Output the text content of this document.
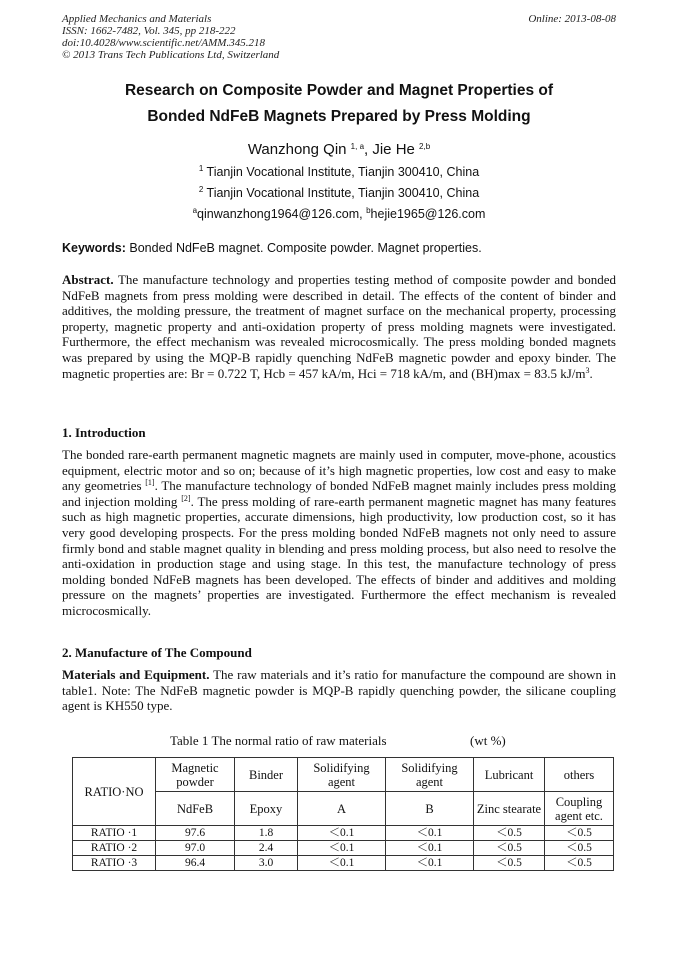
Applied Mechanics and Materials
ISSN: 1662-7482, Vol. 345, pp 218-222
doi:10.4028/www.scientific.net/AMM.345.218
© 2013 Trans Tech Publications Ltd, Switzerland
Online: 2013-08-08
Research on Composite Powder and Magnet Properties of
Bonded NdFeB Magnets Prepared by Press Molding
Wanzhong Qin $^{1, a}$, Jie He $^{2,b}$
$^1$ Tianjin Vocational Institute, Tianjin 300410, China
$^2$ Tianjin Vocational Institute, Tianjin 300410, China
$^a$qinwanzhong1964@126.com, $^b$hejie1965@126.com
Keywords: Bonded NdFeB magnet. Composite powder. Magnet properties.
Abstract. The manufacture technology and properties testing method of composite powder and bonded NdFeB magnets from press molding were described in detail. The effects of the content of binder and additives, the molding pressure, the treatment of magnet surface on the mechanical property, processing property, magnetic property and anti-oxidation property of press molding magnets were investigated. Furthermore, the effect mechanism was revealed microcosmically. The press molding bonded magnets was prepared by using the MQP-B rapidly quenching NdFeB magnetic powder and epoxy binder. The magnetic properties are: Br = 0.722 T, Hcb = 457 kA/m, Hci = 718 kA/m, and (BH)max = 83.5 $kJ/m^3$.
1. Introduction
The bonded rare-earth permanent magnetic magnets are mainly used in computer, move-phone, acoustics equipment, electric motor and so on; because of it’s high magnetic properties, low cost and easy to make any geometries [1]. The manufacture technology of bonded NdFeB magnet mainly includes press molding and injection molding [2]. The press molding of rare-earth permanent magnetic magnet has many features such as high magnetic properties, accurate dimensions, high productivity, low production cost, so it has very good developing prospects. For the press molding bonded NdFeB magnets not only need to assure firmly bond and stable magnet quality in blending and press molding process, but also need to resolve the anti-oxidation in production stage and using stage. In this test, the manufacture technology of press molding bonded NdFeB magnets has been developed. The effects of binder and additives and molding pressure on the magnets’ properties are investigated. Furthermore the effect mechanism is revealed microcosmically.
2. Manufacture of The Compound
Materials and Equipment. The raw materials and it’s ratio for manufacture the compound are shown in table1. Note: The NdFeB magnetic powder is MQP-B rapidly quenching powder, the silicane coupling agent is KH550 type.
Table 1 The normal ratio of raw materials	(wt %)
RATIO·NO	Magnetic powder	Binder	Solidifying agent	Solidifying agent	Lubricant	others
	NdFeB	Epoxy	A	B	Zinc stearate	Coupling agent etc.
RATIO ·1	97.6	1.8	＜0.1	＜0.1	＜0.5	＜0.5
RATIO ·2	97.0	2.4	＜0.1	＜0.1	＜0.5	＜0.5
RATIO ·3	96.4	3.0	＜0.1	＜0.1	＜0.5	＜0.5
